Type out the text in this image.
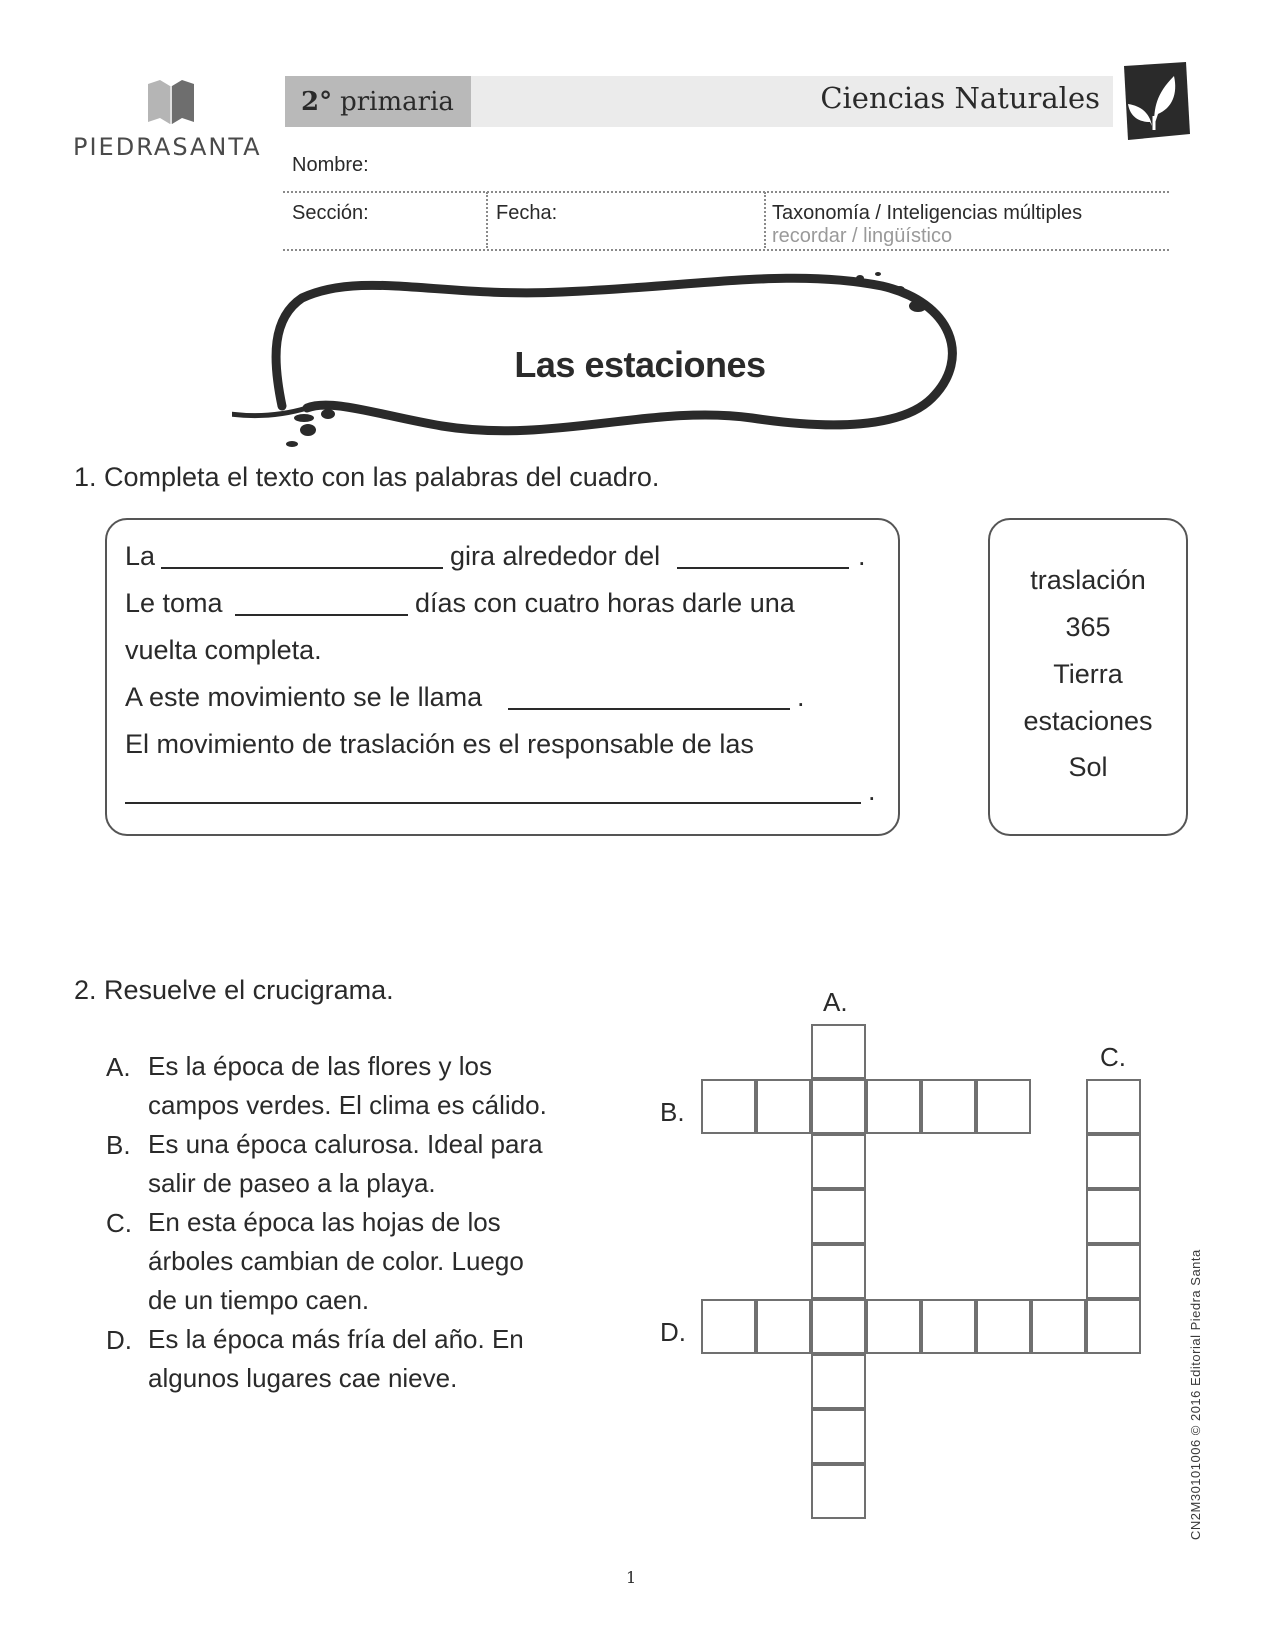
PIEDRASANTA
2° primaria	Ciencias Naturales
Nombre:
Sección:	Fecha:	Taxonomía / Inteligencias múltiples
recordar / lingüístico
Las estaciones
1. Completa el texto con las palabras del cuadro.
La	gira alrededor del	.
Le toma	días con cuatro horas darle una
vuelta completa.
A este movimiento se le llama	.
El movimiento de traslación es el responsable de las
.
traslación
365
Tierra
estaciones
Sol
2. Resuelve el crucigrama.
A. Es la época de las flores y los
campos verdes. El clima es cálido.
B. Es una época calurosa. Ideal para
salir de paseo a la playa.
C. En esta época las hojas de los
árboles cambian de color. Luego
de un tiempo caen.
D. Es la época más fría del año. En
algunos lugares cae nieve.
A.
C.
B.
D.	CN2M30101006 © 2016 Editorial Piedra Santa
1
